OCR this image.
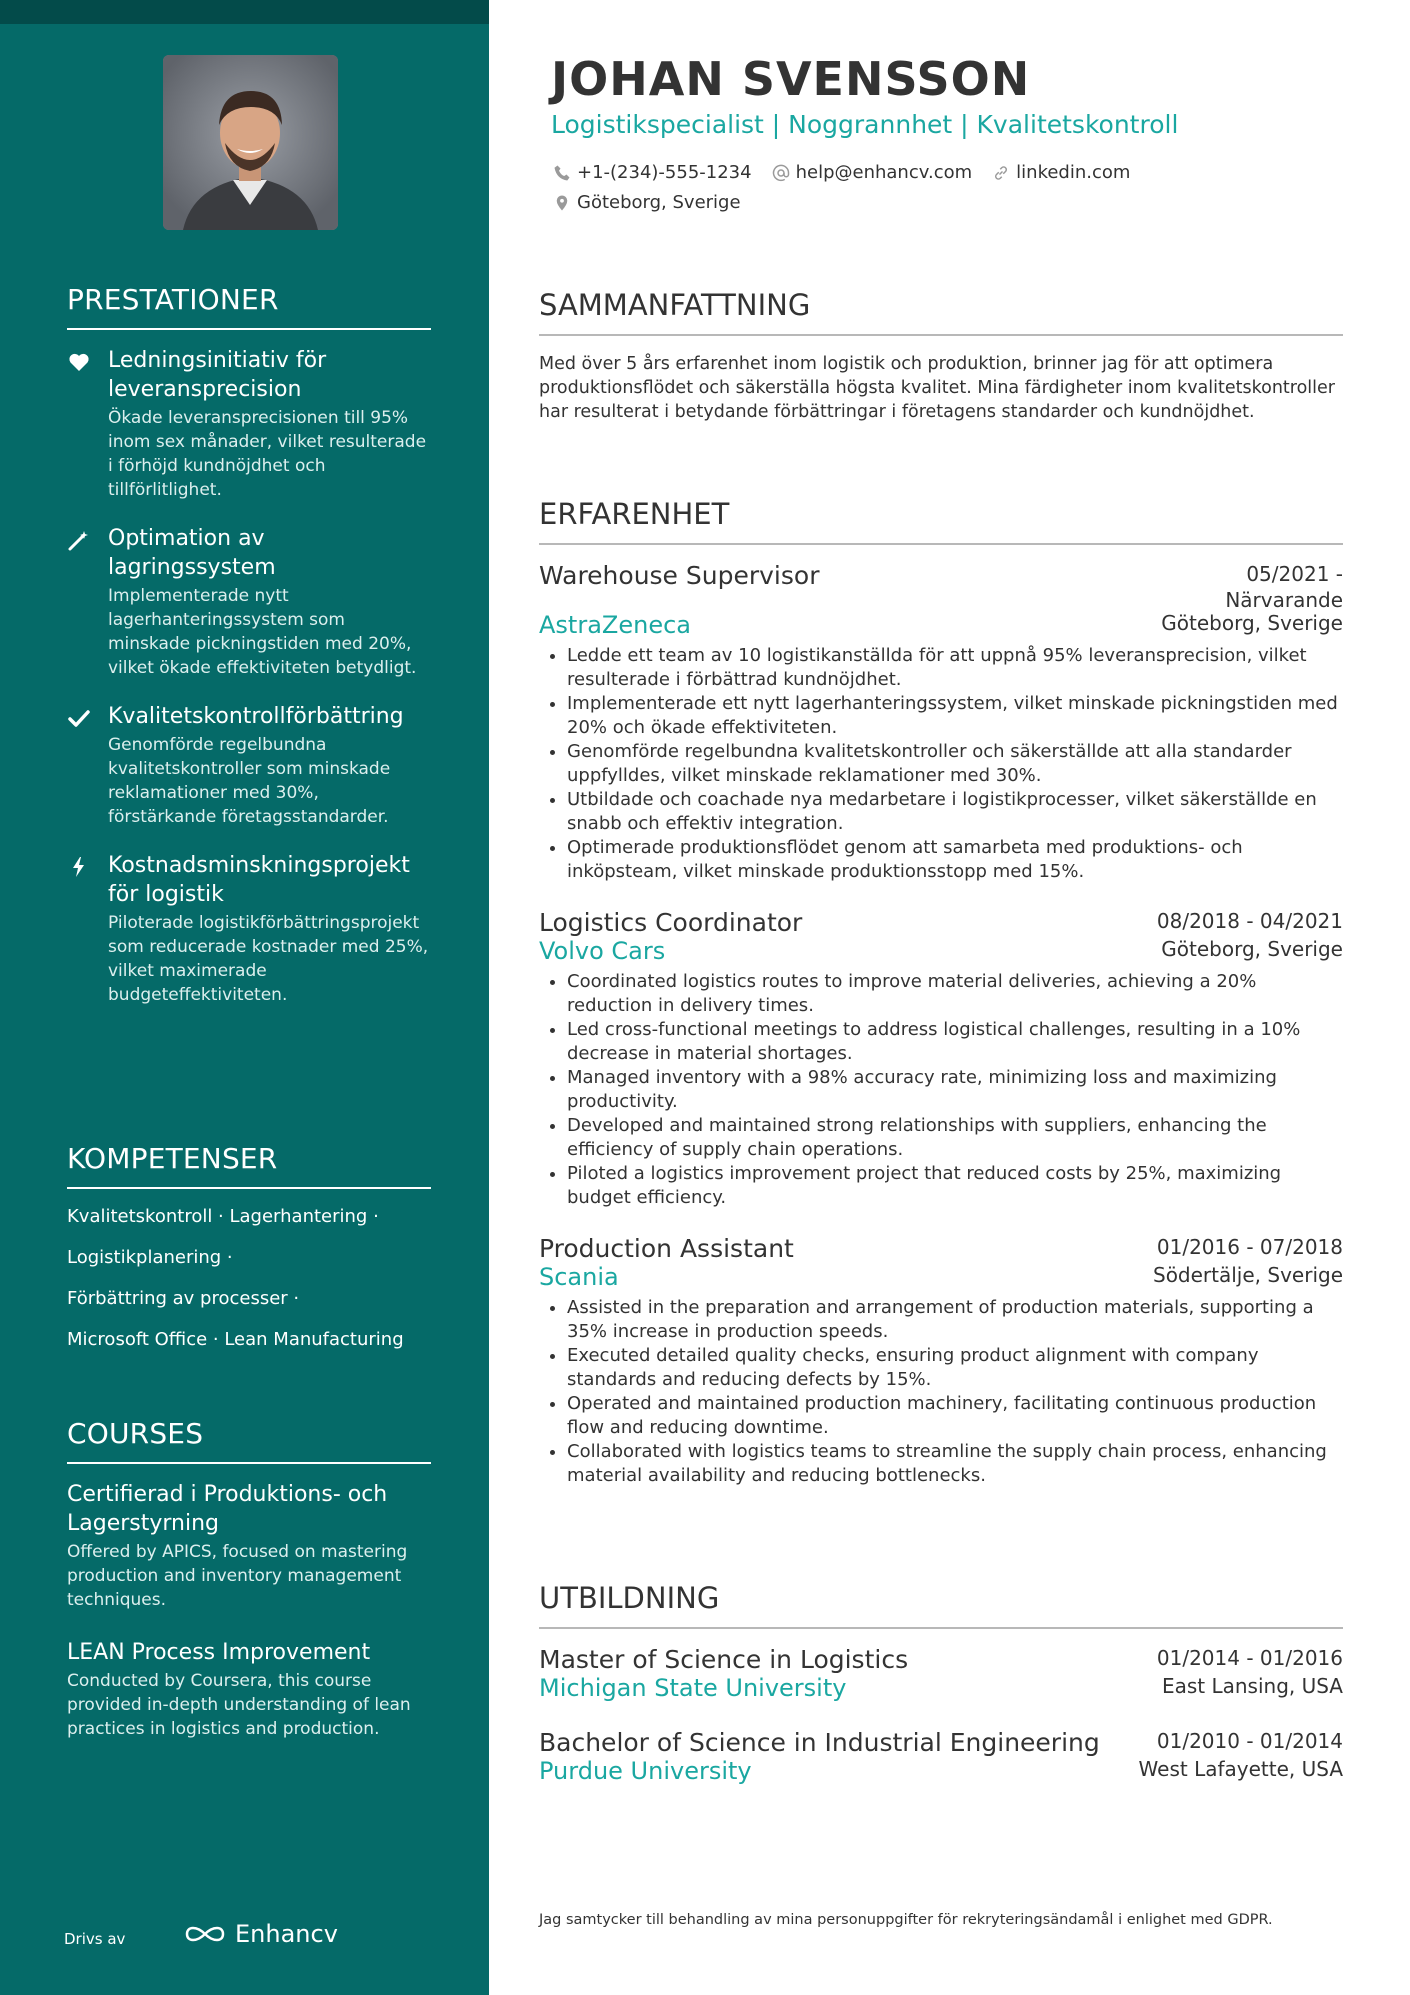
PRESTATIONER
Ledningsinitiativ för leveransprecision
Ökade leveransprecisionen till 95% inom sex månader, vilket resulterade i förhöjd kundnöjdhet och tillförlitlighet.
Optimation av lagringssystem
Implementerade nytt lagerhanteringssystem som minskade pickningstiden med 20%, vilket ökade effektiviteten betydligt.
Kvalitetskontrollförbättring
Genomförde regelbundna kvalitetskontroller som minskade reklamationer med 30%, förstärkande företagsstandarder.
Kostnadsminskningsprojekt för logistik
Piloterade logistikförbättringsprojekt som reducerade kostnader med 25%, vilket maximerade budgeteffektiviteten.
KOMPETENSER
Kvalitetskontroll · Lagerhantering ·
Logistikplanering ·
Förbättring av processer ·
Microsoft Office · Lean Manufacturing
COURSES
Certifierad i Produktions- och Lagerstyrning
Offered by APICS, focused on mastering production and inventory management techniques.
LEAN Process Improvement
Conducted by Coursera, this course provided in-depth understanding of lean practices in logistics and production.
Drivs av	Enhancv
JOHAN SVENSSON
Logistikspecialist | Noggrannhet | Kvalitetskontroll
+1-(234)-555-1234 help@enhancv.com linkedin.com
Göteborg, Sverige
SAMMANFATTNING
Med över 5 års erfarenhet inom logistik och produktion, brinner jag för att optimera produktionsflödet och säkerställa högsta kvalitet. Mina färdigheter inom kvalitetskontroller har resulterat i betydande förbättringar i företagens standarder och kundnöjdhet.
ERFARENHET
Warehouse Supervisor	05/2021 -
Närvarande
AstraZeneca	Göteborg, Sverige
• Ledde ett team av 10 logistikanställda för att uppnå 95% leveransprecision, vilket resulterade i förbättrad kundnöjdhet.
• Implementerade ett nytt lagerhanteringssystem, vilket minskade pickningstiden med 20% och ökade effektiviteten.
• Genomförde regelbundna kvalitetskontroller och säkerställde att alla standarder uppfylldes, vilket minskade reklamationer med 30%.
• Utbildade och coachade nya medarbetare i logistikprocesser, vilket säkerställde en snabb och effektiv integration.
• Optimerade produktionsflödet genom att samarbeta med produktions- och inköpsteam, vilket minskade produktionsstopp med 15%.
Logistics Coordinator	08/2018 - 04/2021
Volvo Cars	Göteborg, Sverige
• Coordinated logistics routes to improve material deliveries, achieving a 20% reduction in delivery times.
• Led cross-functional meetings to address logistical challenges, resulting in a 10% decrease in material shortages.
• Managed inventory with a 98% accuracy rate, minimizing loss and maximizing productivity.
• Developed and maintained strong relationships with suppliers, enhancing the efficiency of supply chain operations.
• Piloted a logistics improvement project that reduced costs by 25%, maximizing budget efficiency.
Production Assistant	01/2016 - 07/2018
Scania	Södertälje, Sverige
• Assisted in the preparation and arrangement of production materials, supporting a 35% increase in production speeds.
• Executed detailed quality checks, ensuring product alignment with company standards and reducing defects by 15%.
• Operated and maintained production machinery, facilitating continuous production flow and reducing downtime.
• Collaborated with logistics teams to streamline the supply chain process, enhancing material availability and reducing bottlenecks.
UTBILDNING
Master of Science in Logistics	01/2014 - 01/2016
Michigan State University	East Lansing, USA
Bachelor of Science in Industrial Engineering	01/2010 - 01/2014
Purdue University	West Lafayette, USA
Jag samtycker till behandling av mina personuppgifter för rekryteringsändamål i enlighet med GDPR.
